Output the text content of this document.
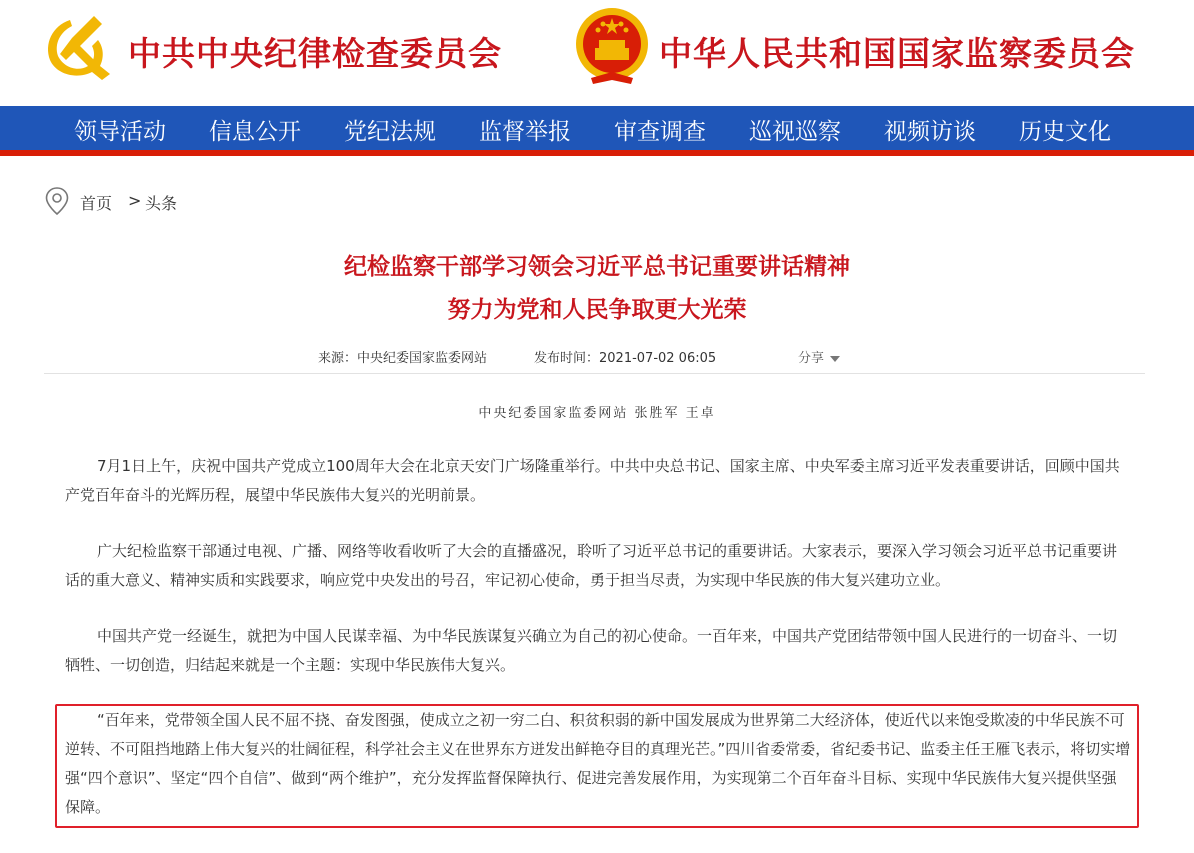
中共中央纪律检查委员会	中华人民共和国国家监察委员会
领导活动 信息公开 党纪法规 监督举报 审查调查 巡视巡察 视频访谈 历史文化
首页 > 头条
纪检监察干部学习领会习近平总书记重要讲话精神
努力为党和人民争取更大光荣
来源：中央纪委国家监委网站	发布时间：2021-07-02 06:05	分享
中央纪委国家监委网站 张胜军 王卓

7月1日上午，庆祝中国共产党成立100周年大会在北京天安门广场隆重举行。中共中央总书记、国家主席、中央军委主席习近平发表重要讲话，回顾中国共产党百年奋斗的光辉历程，展望中华民族伟大复兴的光明前景。

广大纪检监察干部通过电视、广播、网络等收看收听了大会的直播盛况，聆听了习近平总书记的重要讲话。大家表示，要深入学习领会习近平总书记重要讲话的重大意义、精神实质和实践要求，响应党中央发出的号召，牢记初心使命，勇于担当尽责，为实现中华民族的伟大复兴建功立业。

中国共产党一经诞生，就把为中国人民谋幸福、为中华民族谋复兴确立为自己的初心使命。一百年来，中国共产党团结带领中国人民进行的一切奋斗、一切牺牲、一切创造，归结起来就是一个主题：实现中华民族伟大复兴。

“百年来，党带领全国人民不屈不挠、奋发图强，使成立之初一穷二白、积贫积弱的新中国发展成为世界第二大经济体，使近代以来饱受欺凌的中华民族不可逆转、不可阻挡地踏上伟大复兴的壮阔征程，科学社会主义在世界东方迸发出鲜艳夺目的真理光芒。”四川省委常委，省纪委书记、监委主任王雁飞表示，将切实增强“四个意识”、坚定“四个自信”、做到“两个维护”，充分发挥监督保障执行、促进完善发展作用，为实现第二个百年奋斗目标、实现中华民族伟大复兴提供坚强保障。
